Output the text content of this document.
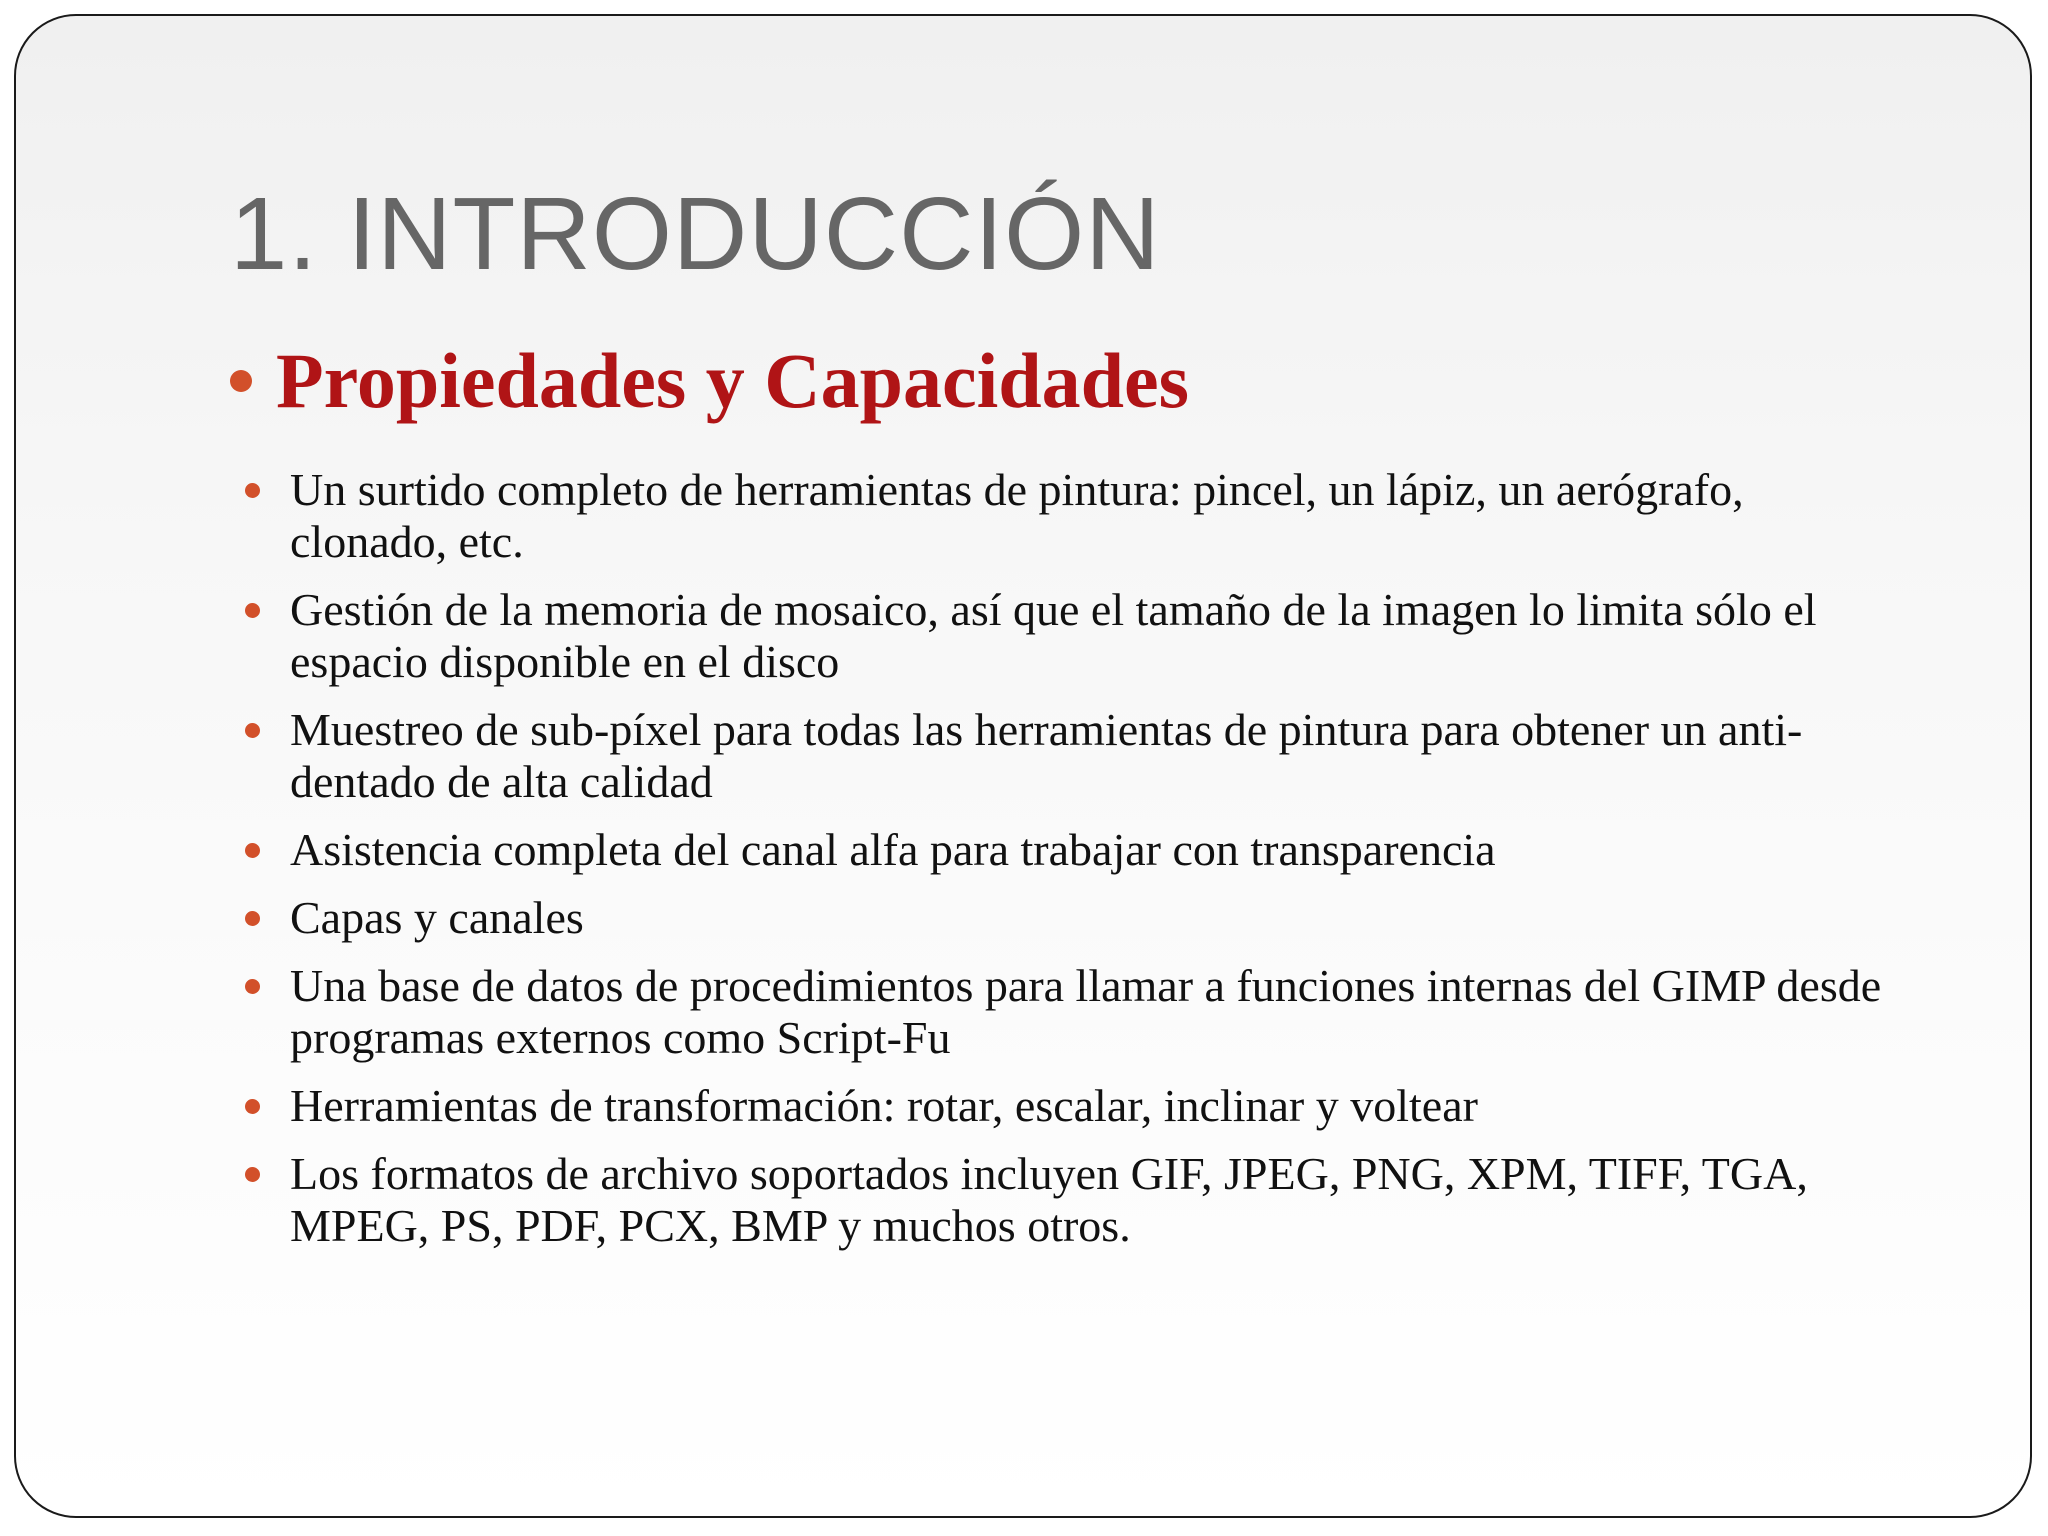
1. INTRODUCCIÓN
Propiedades y Capacidades
Un surtido completo de herramientas de pintura: pincel, un lápiz, un aerógrafo, clonado, etc.
Gestión de la memoria de mosaico, así que el tamaño de la imagen lo limita sólo el espacio disponible en el disco
Muestreo de sub-píxel para todas las herramientas de pintura para obtener un anti-dentado de alta calidad
Asistencia completa del canal alfa para trabajar con transparencia
Capas y canales
Una base de datos de procedimientos para llamar a funciones internas del GIMP desde programas externos como Script-Fu
Herramientas de transformación: rotar, escalar, inclinar y voltear
Los formatos de archivo soportados incluyen GIF, JPEG, PNG, XPM, TIFF, TGA, MPEG, PS, PDF, PCX, BMP y muchos otros.
